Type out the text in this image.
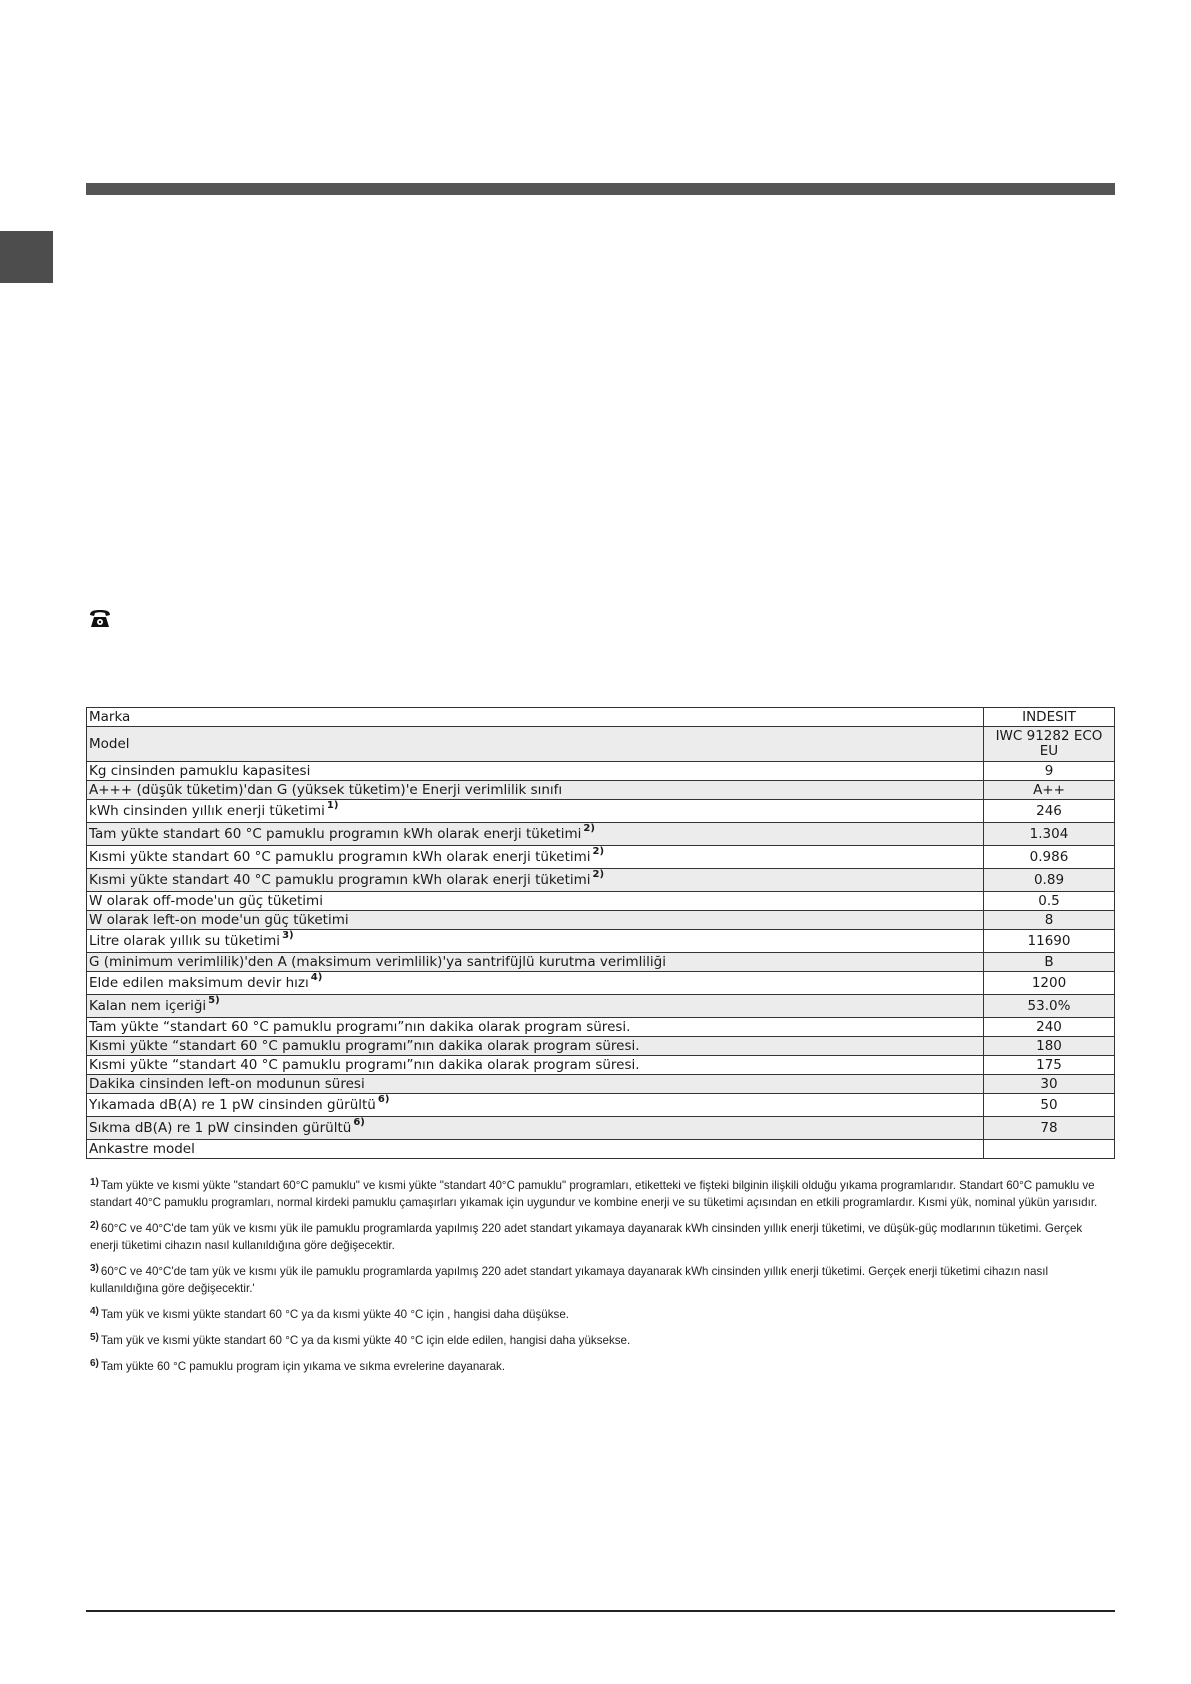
Marka	INDESIT
Model	IWC 91282 ECO EU
Kg cinsinden pamuklu kapasitesi	9
A+++ (düşük tüketim)'dan G (yüksek tüketim)'e Enerji verimlilik sınıfı	A++
kWh cinsinden yıllık enerji tüketimi $^{1)}$	246
Tam yükte standart 60 °C pamuklu programın kWh olarak enerji tüketimi $^{2)}$	1.304
Kısmi yükte standart 60 °C pamuklu programın kWh olarak enerji tüketimi $^{2)}$	0.986
Kısmi yükte standart 40 °C pamuklu programın kWh olarak enerji tüketimi $^{2)}$	0.89
W olarak off-mode'un güç tüketimi	0.5
W olarak left-on mode'un güç tüketimi	8
Litre olarak yıllık su tüketimi $^{3)}$	11690
G (minimum verimlilik)'den A (maksimum verimlilik)'ya santrifüjlü kurutma verimliliği	B
Elde edilen maksimum devir hızı $^{4)}$	1200
Kalan nem içeriği $^{5)}$	53.0%
Tam yükte “standart 60 °C pamuklu programı”nın dakika olarak program süresi.	240
Kısmi yükte “standart 60 °C pamuklu programı”nın dakika olarak program süresi.	180
Kısmi yükte “standart 40 °C pamuklu programı”nın dakika olarak program süresi.	175
Dakika cinsinden left-on modunun süresi	30
Yıkamada dB(A) re 1 pW cinsinden gürültü $^{6)}$	50
Sıkma dB(A) re 1 pW cinsinden gürültü $^{6)}$	78
Ankastre model	

$^{1)}$ Tam yükte ve kısmi yükte "standart 60°C pamuklu" ve kısmi yükte "standart 40°C pamuklu" programları, etiketteki ve fişteki bilginin ilişkili olduğu yıkama programlarıdır. Standart 60°C pamuklu ve standart 40°C pamuklu programları, normal kirdeki pamuklu çamaşırları yıkamak için uygundur ve kombine enerji ve su tüketimi açısından en etkili programlardır. Kısmi yük, nominal yükün yarısıdır.

$^{2)}$ 60°C ve 40°C'de tam yük ve kısmı yük ile pamuklu programlarda yapılmış 220 adet standart yıkamaya dayanarak kWh cinsinden yıllık enerji tüketimi, ve düşük-güç modlarının tüketimi. Gerçek enerji tüketimi cihazın nasıl kullanıldığına göre değişecektir.

$^{3)}$ 60°C ve 40°C'de tam yük ve kısmı yük ile pamuklu programlarda yapılmış 220 adet standart yıkamaya dayanarak kWh cinsinden yıllık enerji tüketimi. Gerçek enerji tüketimi cihazın nasıl kullanıldığına göre değişecektir.'

$^{4)}$ Tam yük ve kısmi yükte standart 60 °C ya da kısmi yükte 40 °C için , hangisi daha düşükse.

$^{5)}$ Tam yük ve kısmi yükte standart 60 °C ya da kısmi yükte 40 °C için elde edilen, hangisi daha yüksekse.

$^{6)}$ Tam yükte 60 °C pamuklu program için yıkama ve sıkma evrelerine dayanarak.
